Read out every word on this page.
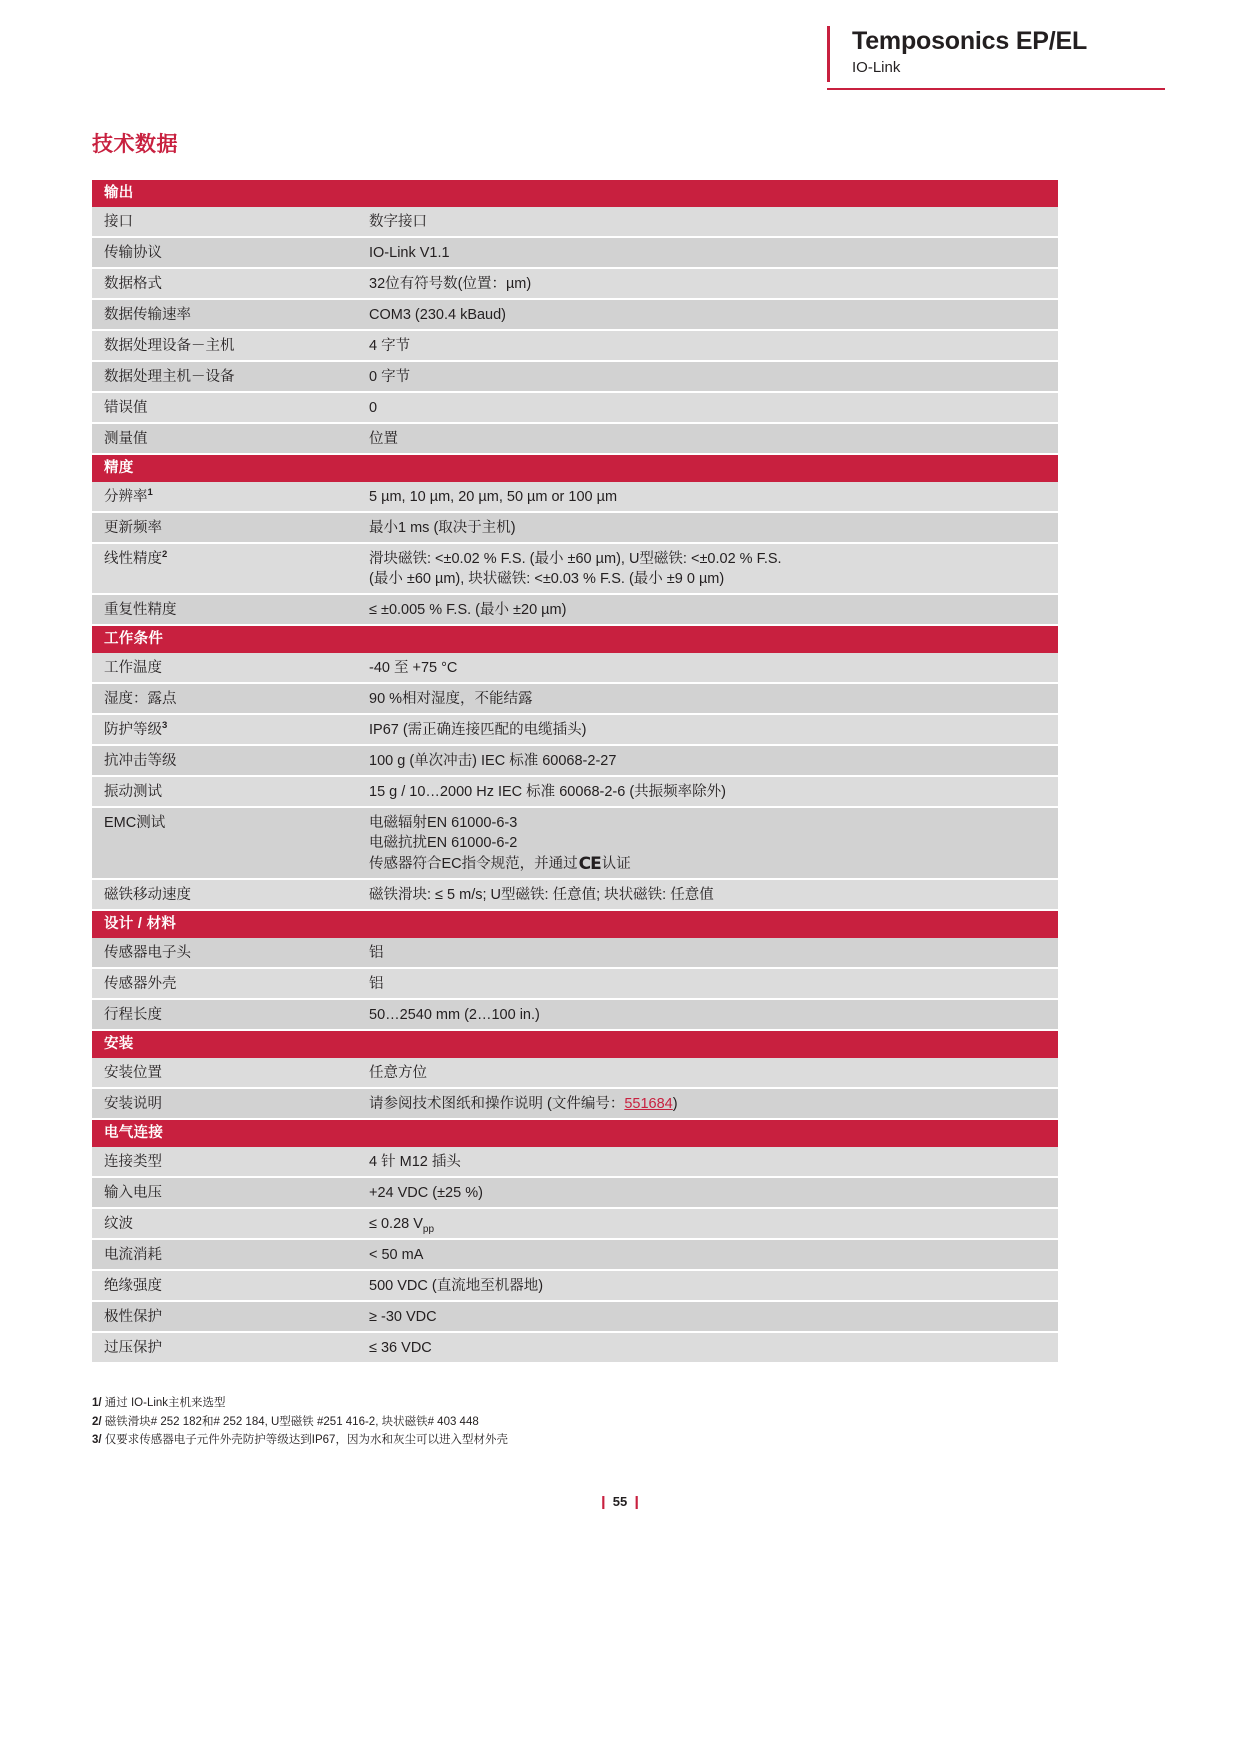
Temposonics EP/EL
IO-Link
技术数据
输出
接口	数字接口
传输协议	IO-Link V1.1
数据格式	32位有符号数(位置：µm)
数据传输速率	COM3 (230.4 kBaud)
数据处理设备－主机	4 字节
数据处理主机－设备	0 字节
错误值	0
测量值	位置
精度
分辨率$^1$	5 µm, 10 µm, 20 µm, 50 µm or 100 µm
更新频率	最小1 ms (取决于主机)
线性精度$^2$	滑块磁铁: <±0.02 % F.S. (最小 ±60 µm), U型磁铁: <±0.02 % F.S.
(最小 ±60 µm), 块状磁铁: <±0.03 % F.S. (最小 ±9 0 µm)
重复性精度	≤ ±0.005 % F.S. (最小 ±20 µm)
工作条件
工作温度	-40 至 +75 °C
湿度：露点	90 %相对湿度，不能结露
防护等级$^3$	IP67 (需正确连接匹配的电缆插头)
抗冲击等级	100 g (单次冲击) IEC 标准 60068-2-27
振动测试	15 g / 10…2000 Hz IEC 标准 60068-2-6 (共振频率除外)
EMC测试	电磁辐射EN 61000-6-3
电磁抗扰EN 61000-6-2
传感器符合EC指令规范，并通过CE认证
磁铁移动速度	磁铁滑块: ≤ 5 m/s; U型磁铁: 任意值; 块状磁铁: 任意值
设计 / 材料
传感器电子头	铝
传感器外壳	铝
行程长度	50…2540 mm (2…100 in.)
安装
安装位置	任意方位
安装说明	请参阅技术图纸和操作说明 (文件编号：551684)
电气连接
连接类型	4 针 M12 插头
输入电压	+24 VDC (±25 %)
纹波	≤ 0.28 $V_{pp}$
电流消耗	< 50 mA
绝缘强度	500 VDC (直流地至机器地)
极性保护	≥ -30 VDC
过压保护	≤ 36 VDC
1/ 通过 IO-Link主机来选型
2/ 磁铁滑块# 252 182和# 252 184, U型磁铁 #251 416-2, 块状磁铁# 403 448
3/ 仅要求传感器电子元件外壳防护等级达到IP67，因为水和灰尘可以进入型材外壳
❙ 55 ❙
